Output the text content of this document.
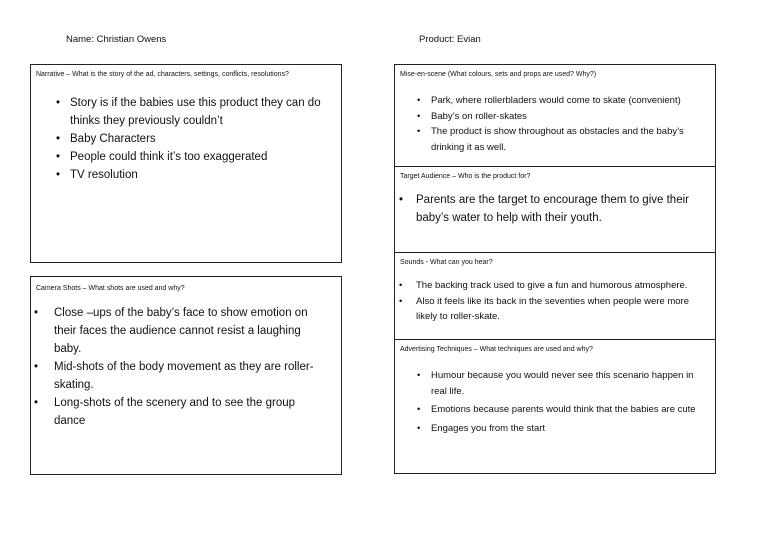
Name: Christian Owens	Product: Evian
Narrative – What is the story of the ad, characters, settings, conflicts, resolutions?
• Story is if the babies use this product they can do thinks they previously couldn’t
• Baby Characters
• People could think it’s too exaggerated
• TV resolution
Camera Shots – What shots are used and why?
• Close –ups of the baby’s face to show emotion on their faces the audience cannot resist a laughing baby.
• Mid-shots of the body movement as they are roller-skating.
• Long-shots of the scenery and to see the group dance
Mise-en-scene (What colours, sets and props are used? Why?)
• Park, where rollerbladers would come to skate (convenient)
• Baby’s on roller-skates
• The product is show throughout as obstacles and the baby’s drinking it as well.
Target Audience – Who is the product for?
• Parents are the target to encourage them to give their baby’s water to help with their youth.
Sounds - What can you hear?
• The backing track used to give a fun and humorous atmosphere.
• Also it feels like its back in the seventies when people were more likely to roller-skate.
Advertising Techniques – What techniques are used and why?
• Humour because you would never see this scenario happen in real life.
• Emotions because parents would think that the babies are cute
• Engages you from the start
